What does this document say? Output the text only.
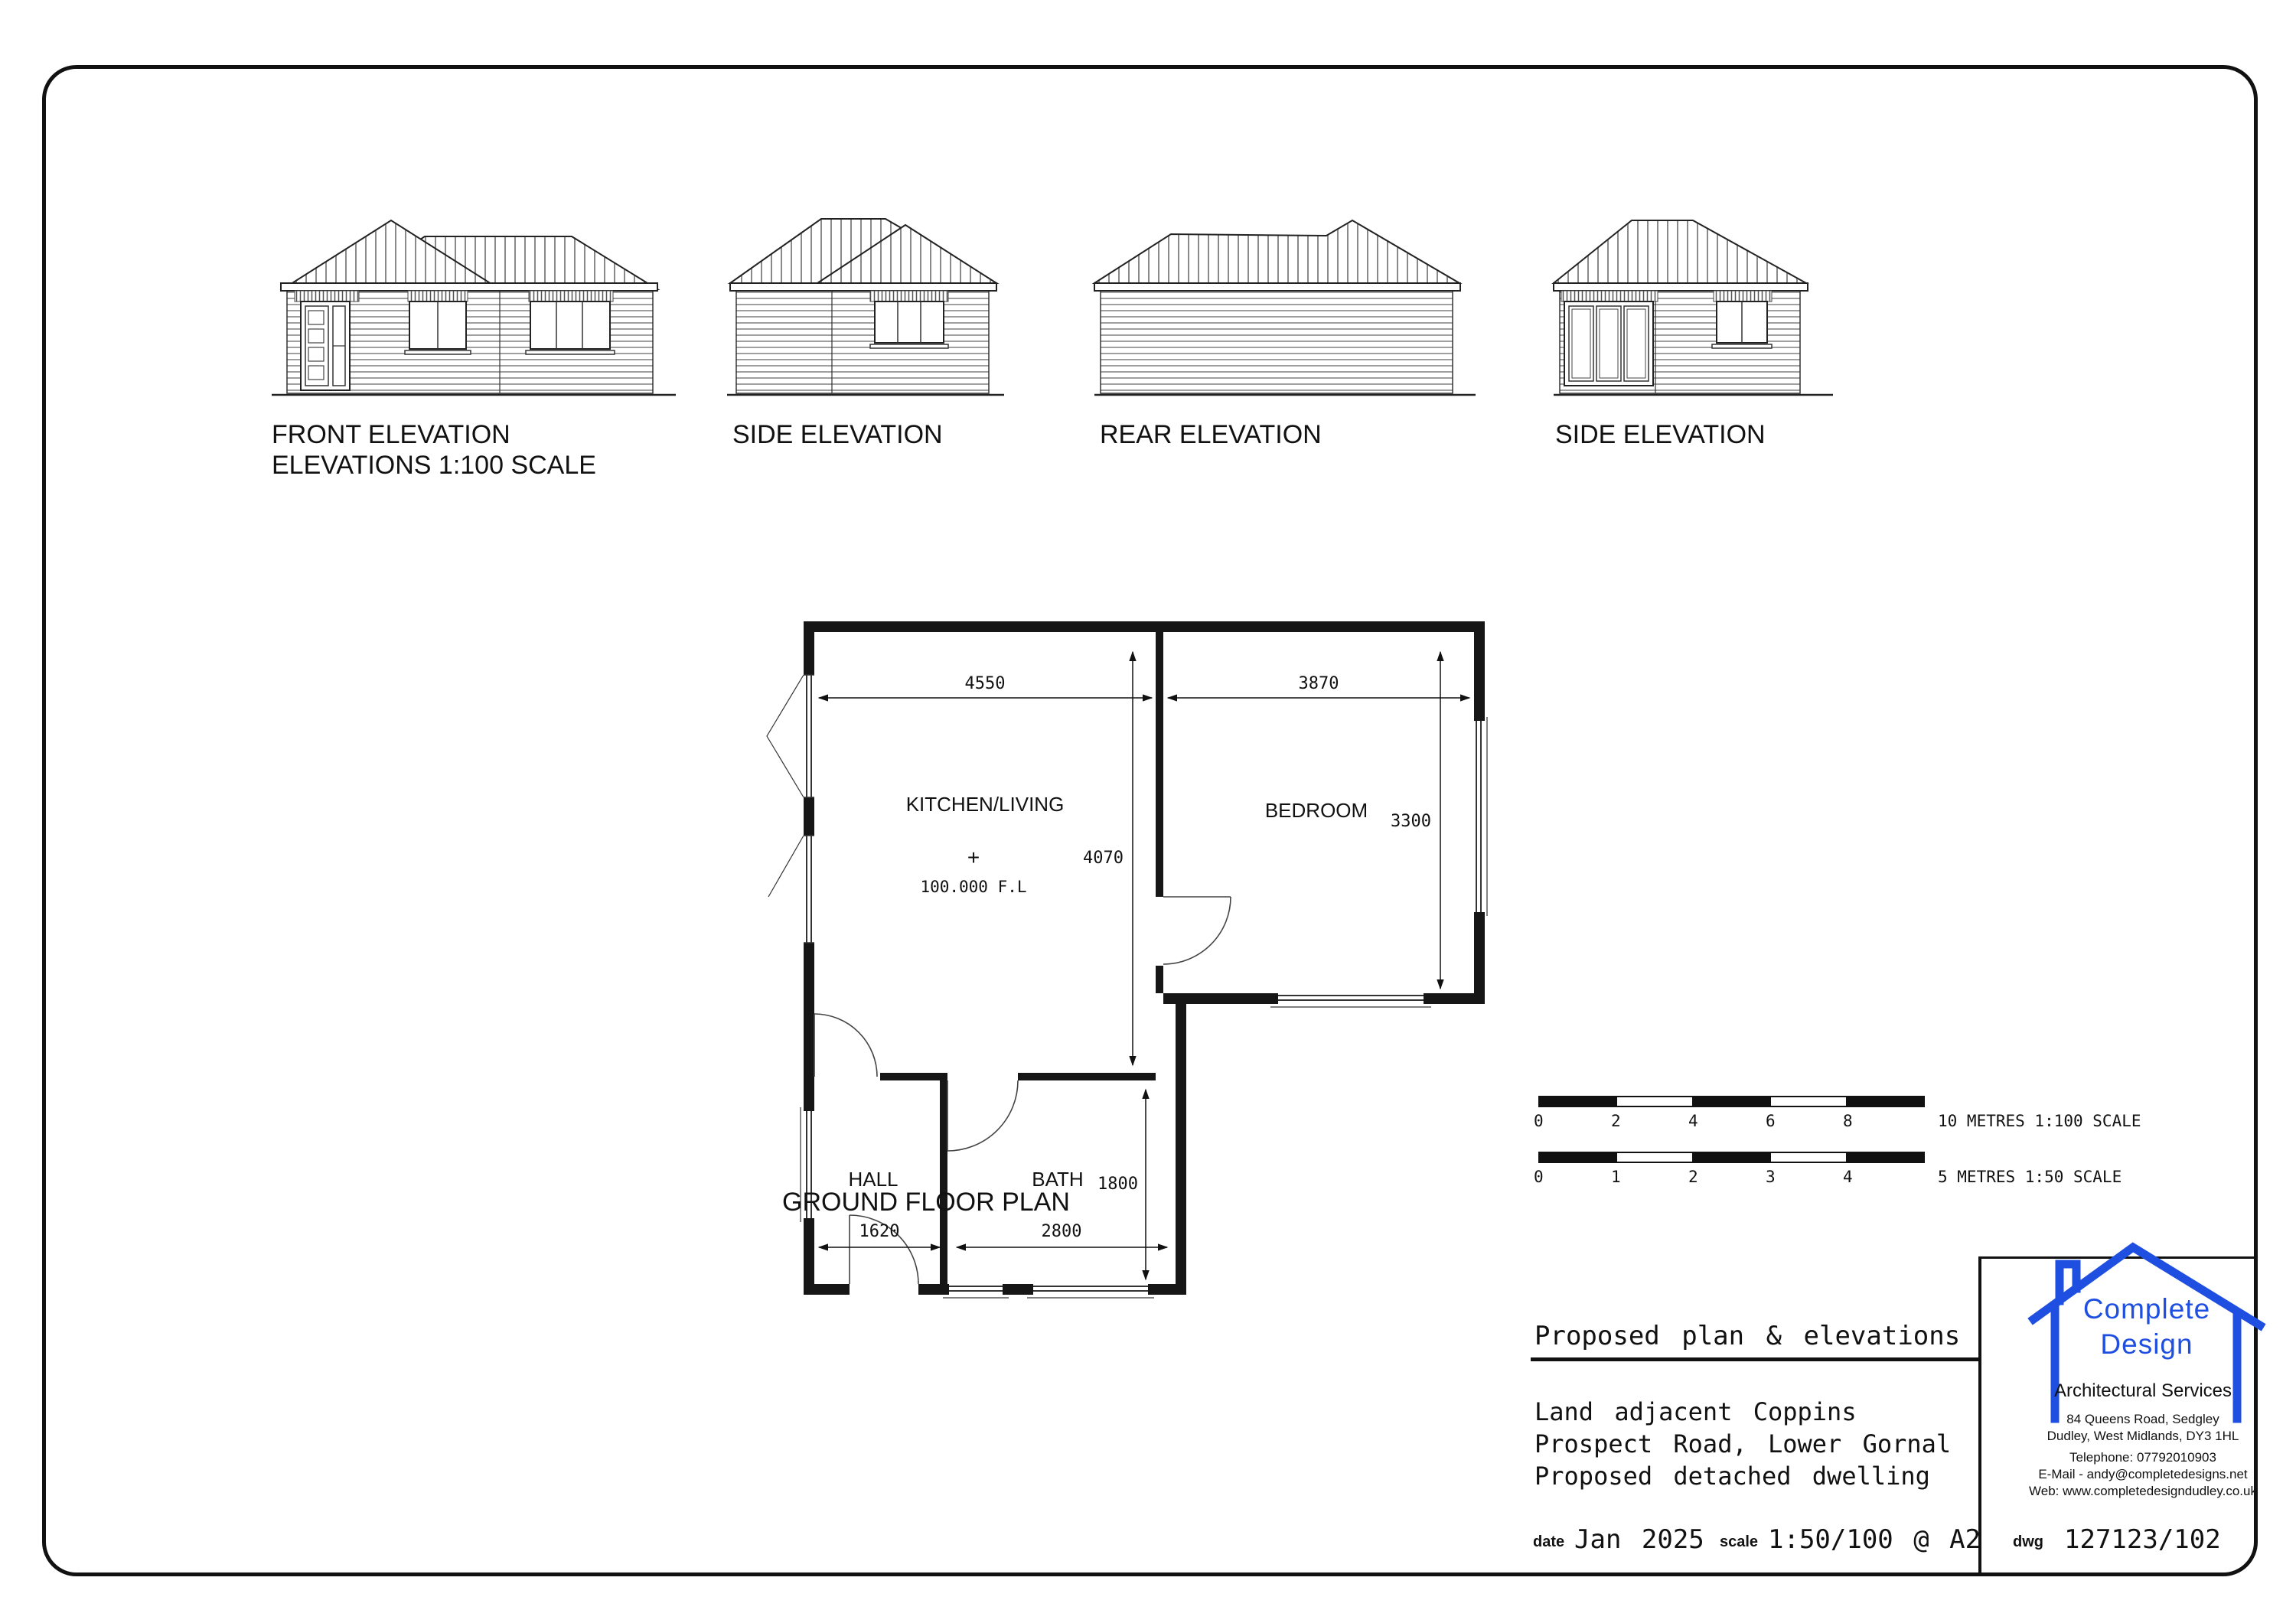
FRONT ELEVATION
ELEVATIONS 1:100 SCALE
SIDE ELEVATION	REAR ELEVATION	SIDE ELEVATION
4550	3870
4070
3300
1800
1620	2800
KITCHEN/LIVING	BEDROOM
HALL	BATH
+
100.000 F.L
GROUND FLOOR PLAN
0	2	4	6	8	10 METRES 1:100 SCALE
0	1	2	3	4	5 METRES 1:50 SCALE
Proposed plan & elevations
Land adjacent Coppins
Prospect Road, Lower Gornal
Proposed detached dwelling
date Jan 2025 scale 1:50/100 @ A2 dwg 127123/102
Complete
Design
Architectural Services
84 Queens Road, Sedgley
Dudley, West Midlands, DY3 1HL
Telephone: 07792010903
E-Mail - andy@completedesigns.net
Web: www.completedesigndudley.co.uk
